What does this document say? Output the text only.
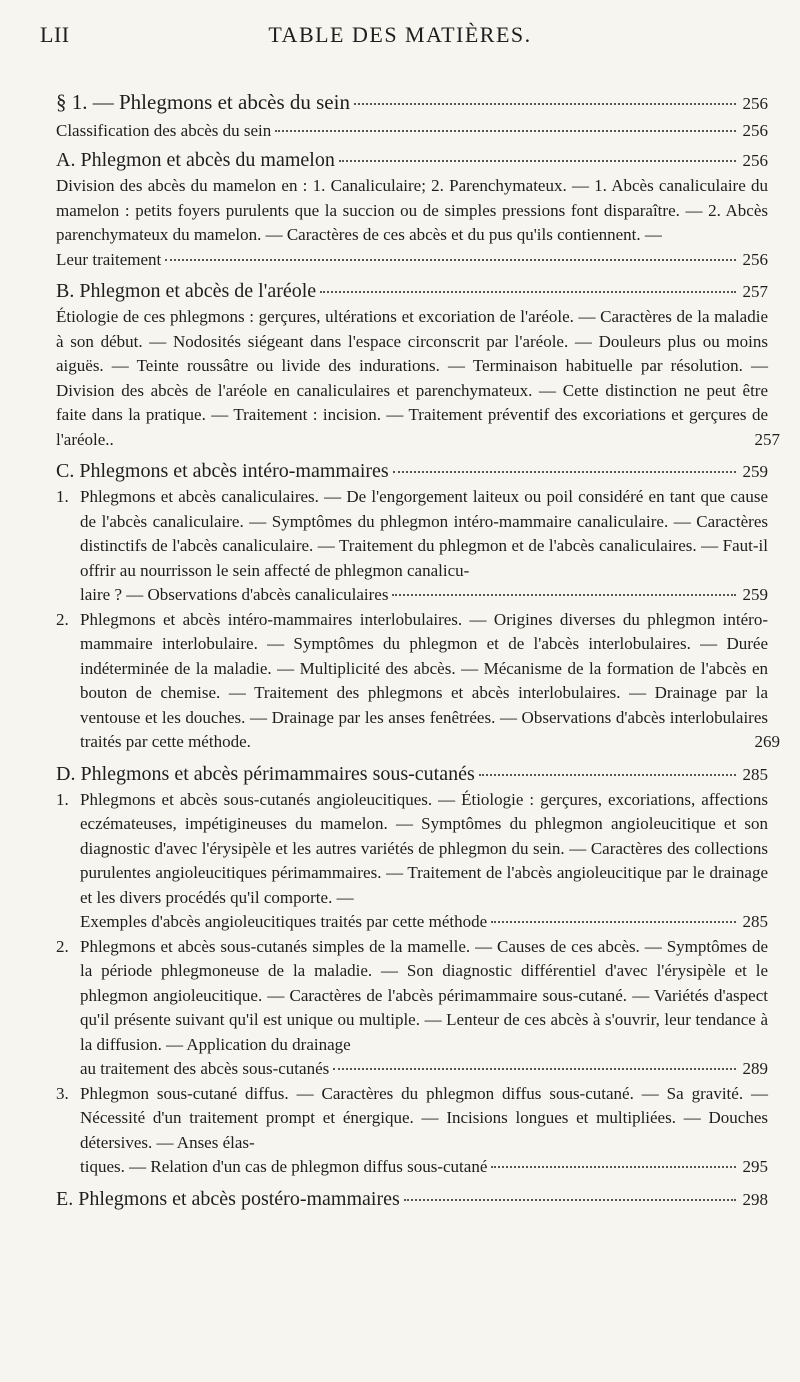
LII	TABLE DES MATIÈRES.
§ 1. — Phlegmons et abcès du sein	256
Classification des abcès du sein	256
A. Phlegmon et abcès du mamelon	256
Division des abcès du mamelon en : 1. Canaliculaire; 2. Parenchymateux. — 1. Abcès canaliculaire du mamelon : petits foyers purulents que la succion ou de simples pressions font disparaître. — 2. Abcès parenchymateux du mamelon. — Caractères de ces abcès et du pus qu'ils contiennent. —
Leur traitement	256
B. Phlegmon et abcès de l'aréole	257
Étiologie de ces phlegmons : gerçures, ultérations et excoriation de l'aréole. — Caractères de la maladie à son début. — Nodosités siégeant dans l'espace circonscrit par l'aréole. — Douleurs plus ou moins aiguës. — Teinte roussâtre ou livide des indurations. — Terminaison habituelle par résolution. — Division des abcès de l'aréole en canaliculaires et parenchymateux. — Cette distinction ne peut être faite dans la pratique. — Traitement : incision. — Traitement préventif des excoriations et gerçures de l'aréole..	257
C. Phlegmons et abcès intéro-mammaires	259
1. Phlegmons et abcès canaliculaires. — De l'engorgement laiteux ou poil considéré en tant que cause de l'abcès canaliculaire. — Symptômes du phlegmon intéro-mammaire canaliculaire. — Caractères distinctifs de l'abcès canaliculaire. — Traitement du phlegmon et de l'abcès canaliculaires. — Faut-il offrir au nourrisson le sein affecté de phlegmon canalicu-
laire ? — Observations d'abcès canaliculaires	259
2. Phlegmons et abcès intéro-mammaires interlobulaires. — Origines diverses du phlegmon intéro-mammaire interlobulaire. — Symptômes du phlegmon et de l'abcès interlobulaires. — Durée indéterminée de la maladie. — Multiplicité des abcès. — Mécanisme de la formation de l'abcès en bouton de chemise. — Traitement des phlegmons et abcès interlobulaires. — Drainage par la ventouse et les douches. — Drainage par les anses fenêtrées. — Observations d'abcès interlobulaires traités par cette méthode.	269
D. Phlegmons et abcès périmammaires sous-cutanés	285
1. Phlegmons et abcès sous-cutanés angioleucitiques. — Étiologie : gerçures, excoriations, affections eczémateuses, impétigineuses du mamelon. — Symptômes du phlegmon angioleucitique et son diagnostic d'avec l'érysipèle et les autres variétés de phlegmon du sein. — Caractères des collections purulentes angioleucitiques périmammaires. — Traitement de l'abcès angioleucitique par le drainage et les divers procédés qu'il comporte. —
Exemples d'abcès angioleucitiques traités par cette méthode	285
2. Phlegmons et abcès sous-cutanés simples de la mamelle. — Causes de ces abcès. — Symptômes de la période phlegmoneuse de la maladie. — Son diagnostic différentiel d'avec l'érysipèle et le phlegmon angioleucitique. — Caractères de l'abcès périmammaire sous-cutané. — Variétés d'aspect qu'il présente suivant qu'il est unique ou multiple. — Lenteur de ces abcès à s'ouvrir, leur tendance à la diffusion. — Application du drainage
au traitement des abcès sous-cutanés	289
3. Phlegmon sous-cutané diffus. — Caractères du phlegmon diffus sous-cutané. — Sa gravité. — Nécessité d'un traitement prompt et énergique. — Incisions longues et multipliées. — Douches détersives. — Anses élas-
tiques. — Relation d'un cas de phlegmon diffus sous-cutané	295
E. Phlegmons et abcès postéro-mammaires	298
